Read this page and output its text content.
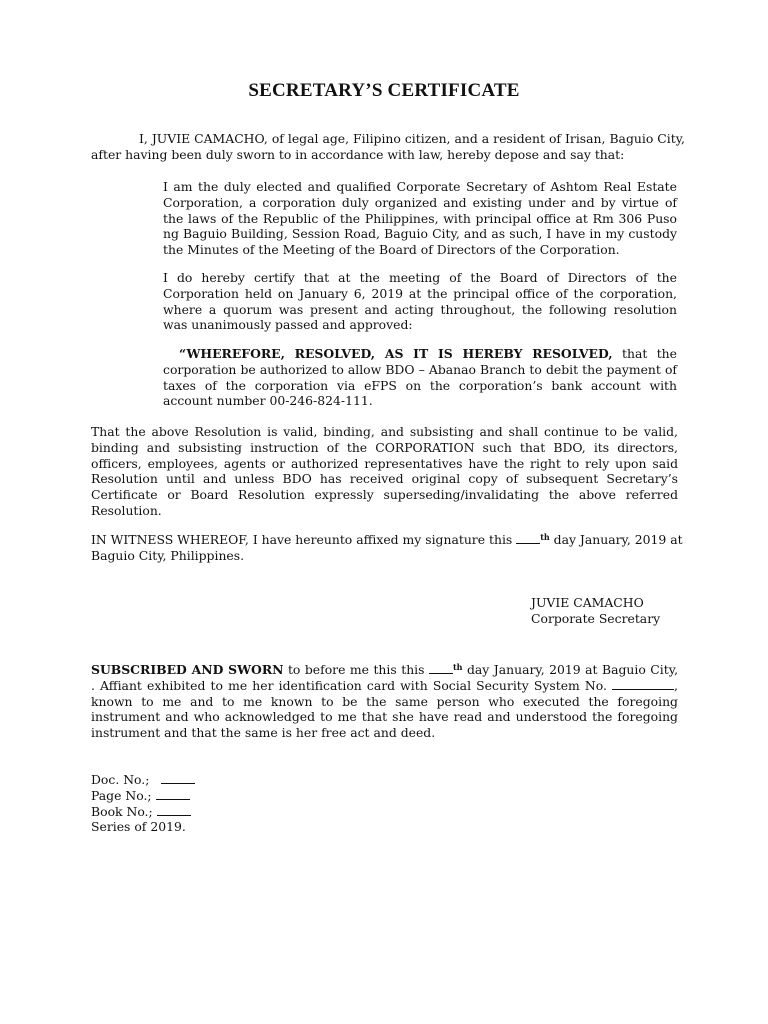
SECRETARY’S CERTIFICATE
I, JUVIE CAMACHO, of legal age, Filipino citizen, and a resident of Irisan, Baguio City, after having been duly sworn to in accordance with law, hereby depose and say that:
I am the duly elected and qualified Corporate Secretary of Ashtom Real Estate Corporation, a corporation duly organized and existing under and by virtue of the laws of the Republic of the Philippines, with principal office at Rm 306 Puso ng Baguio Building, Session Road, Baguio City, and as such, I have in my custody the Minutes of the Meeting of the Board of Directors of the Corporation.
I do hereby certify that at the meeting of the Board of Directors of the Corporation held on January 6, 2019 at the principal office of the corporation, where a quorum was present and acting throughout, the following resolution was unanimously passed and approved:
“WHEREFORE, RESOLVED, AS IT IS HEREBY RESOLVED, that the corporation be authorized to allow BDO – Abanao Branch to debit the payment of taxes of the corporation via eFPS on the corporation’s bank account with account number 00-246-824-111.
That the above Resolution is valid, binding, and subsisting and shall continue to be valid, binding and subsisting instruction of the CORPORATION such that BDO, its directors, officers, employees, agents or authorized representatives have the right to rely upon said Resolution until and unless BDO has received original copy of subsequent Secretary’s Certificate or Board Resolution expressly superseding/invalidating the above referred Resolution.
IN WITNESS WHEREOF, I have hereunto affixed my signature this	$^{th}$ day January, 2019 at Baguio City, Philippines.
JUVIE CAMACHO
Corporate Secretary
SUBSCRIBED AND SWORN to before me this this	$^{th}$ day January, 2019 at Baguio City, . Affiant exhibited to me her identification card with Social Security System No.	, known to me and to me known to be the same person who executed the foregoing instrument and who acknowledged to me that she have read and understood the foregoing instrument and that the same is her free act and deed.
Doc. No.;
Page No.;
Book No.;
Series of 2019.
